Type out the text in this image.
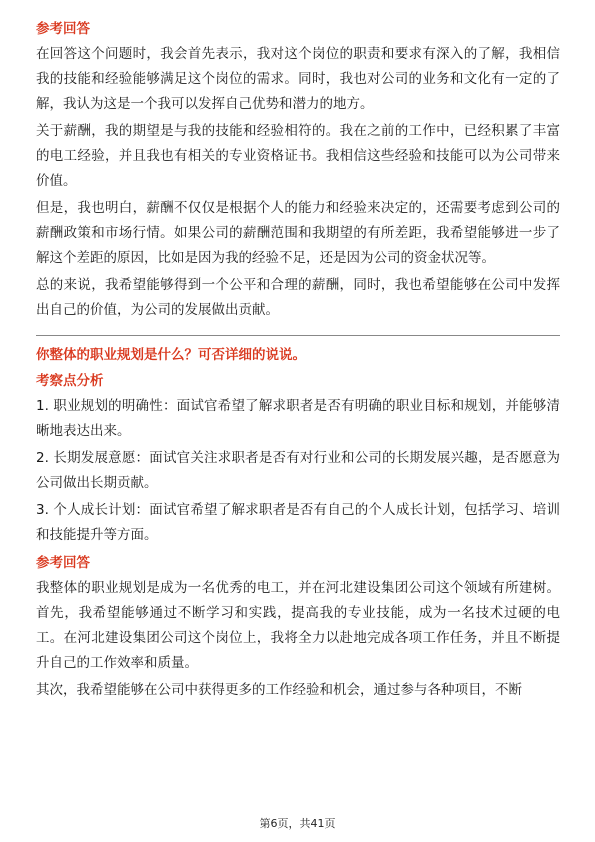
参考回答

在回答这个问题时，我会首先表示，我对这个岗位的职责和要求有深入的了解，我相信我的技能和经验能够满足这个岗位的需求。同时，我也对公司的业务和文化有一定的了解，我认为这是一个我可以发挥自己优势和潜力的地方。

关于薪酬，我的期望是与我的技能和经验相符的。我在之前的工作中，已经积累了丰富的电工经验，并且我也有相关的专业资格证书。我相信这些经验和技能可以为公司带来价值。

但是，我也明白，薪酬不仅仅是根据个人的能力和经验来决定的，还需要考虑到公司的薪酬政策和市场行情。如果公司的薪酬范围和我期望的有所差距，我希望能够进一步了解这个差距的原因，比如是因为我的经验不足，还是因为公司的资金状况等。

总的来说，我希望能够得到一个公平和合理的薪酬，同时，我也希望能够在公司中发挥出自己的价值，为公司的发展做出贡献。

你整体的职业规划是什么？可否详细的说说。
考察点分析

1. 职业规划的明确性：面试官希望了解求职者是否有明确的职业目标和规划，并能够清晰地表达出来。

2. 长期发展意愿：面试官关注求职者是否有对行业和公司的长期发展兴趣，是否愿意为公司做出长期贡献。

3. 个人成长计划：面试官希望了解求职者是否有自己的个人成长计划，包括学习、培训和技能提升等方面。

参考回答

我整体的职业规划是成为一名优秀的电工，并在河北建设集团公司这个领域有所建树。首先，我希望能够通过不断学习和实践，提高我的专业技能，成为一名技术过硬的电工。在河北建设集团公司这个岗位上，我将全力以赴地完成各项工作任务，并且不断提升自己的工作效率和质量。

其次，我希望能够在公司中获得更多的工作经验和机会，通过参与各种项目，不断

第6页，共41页
